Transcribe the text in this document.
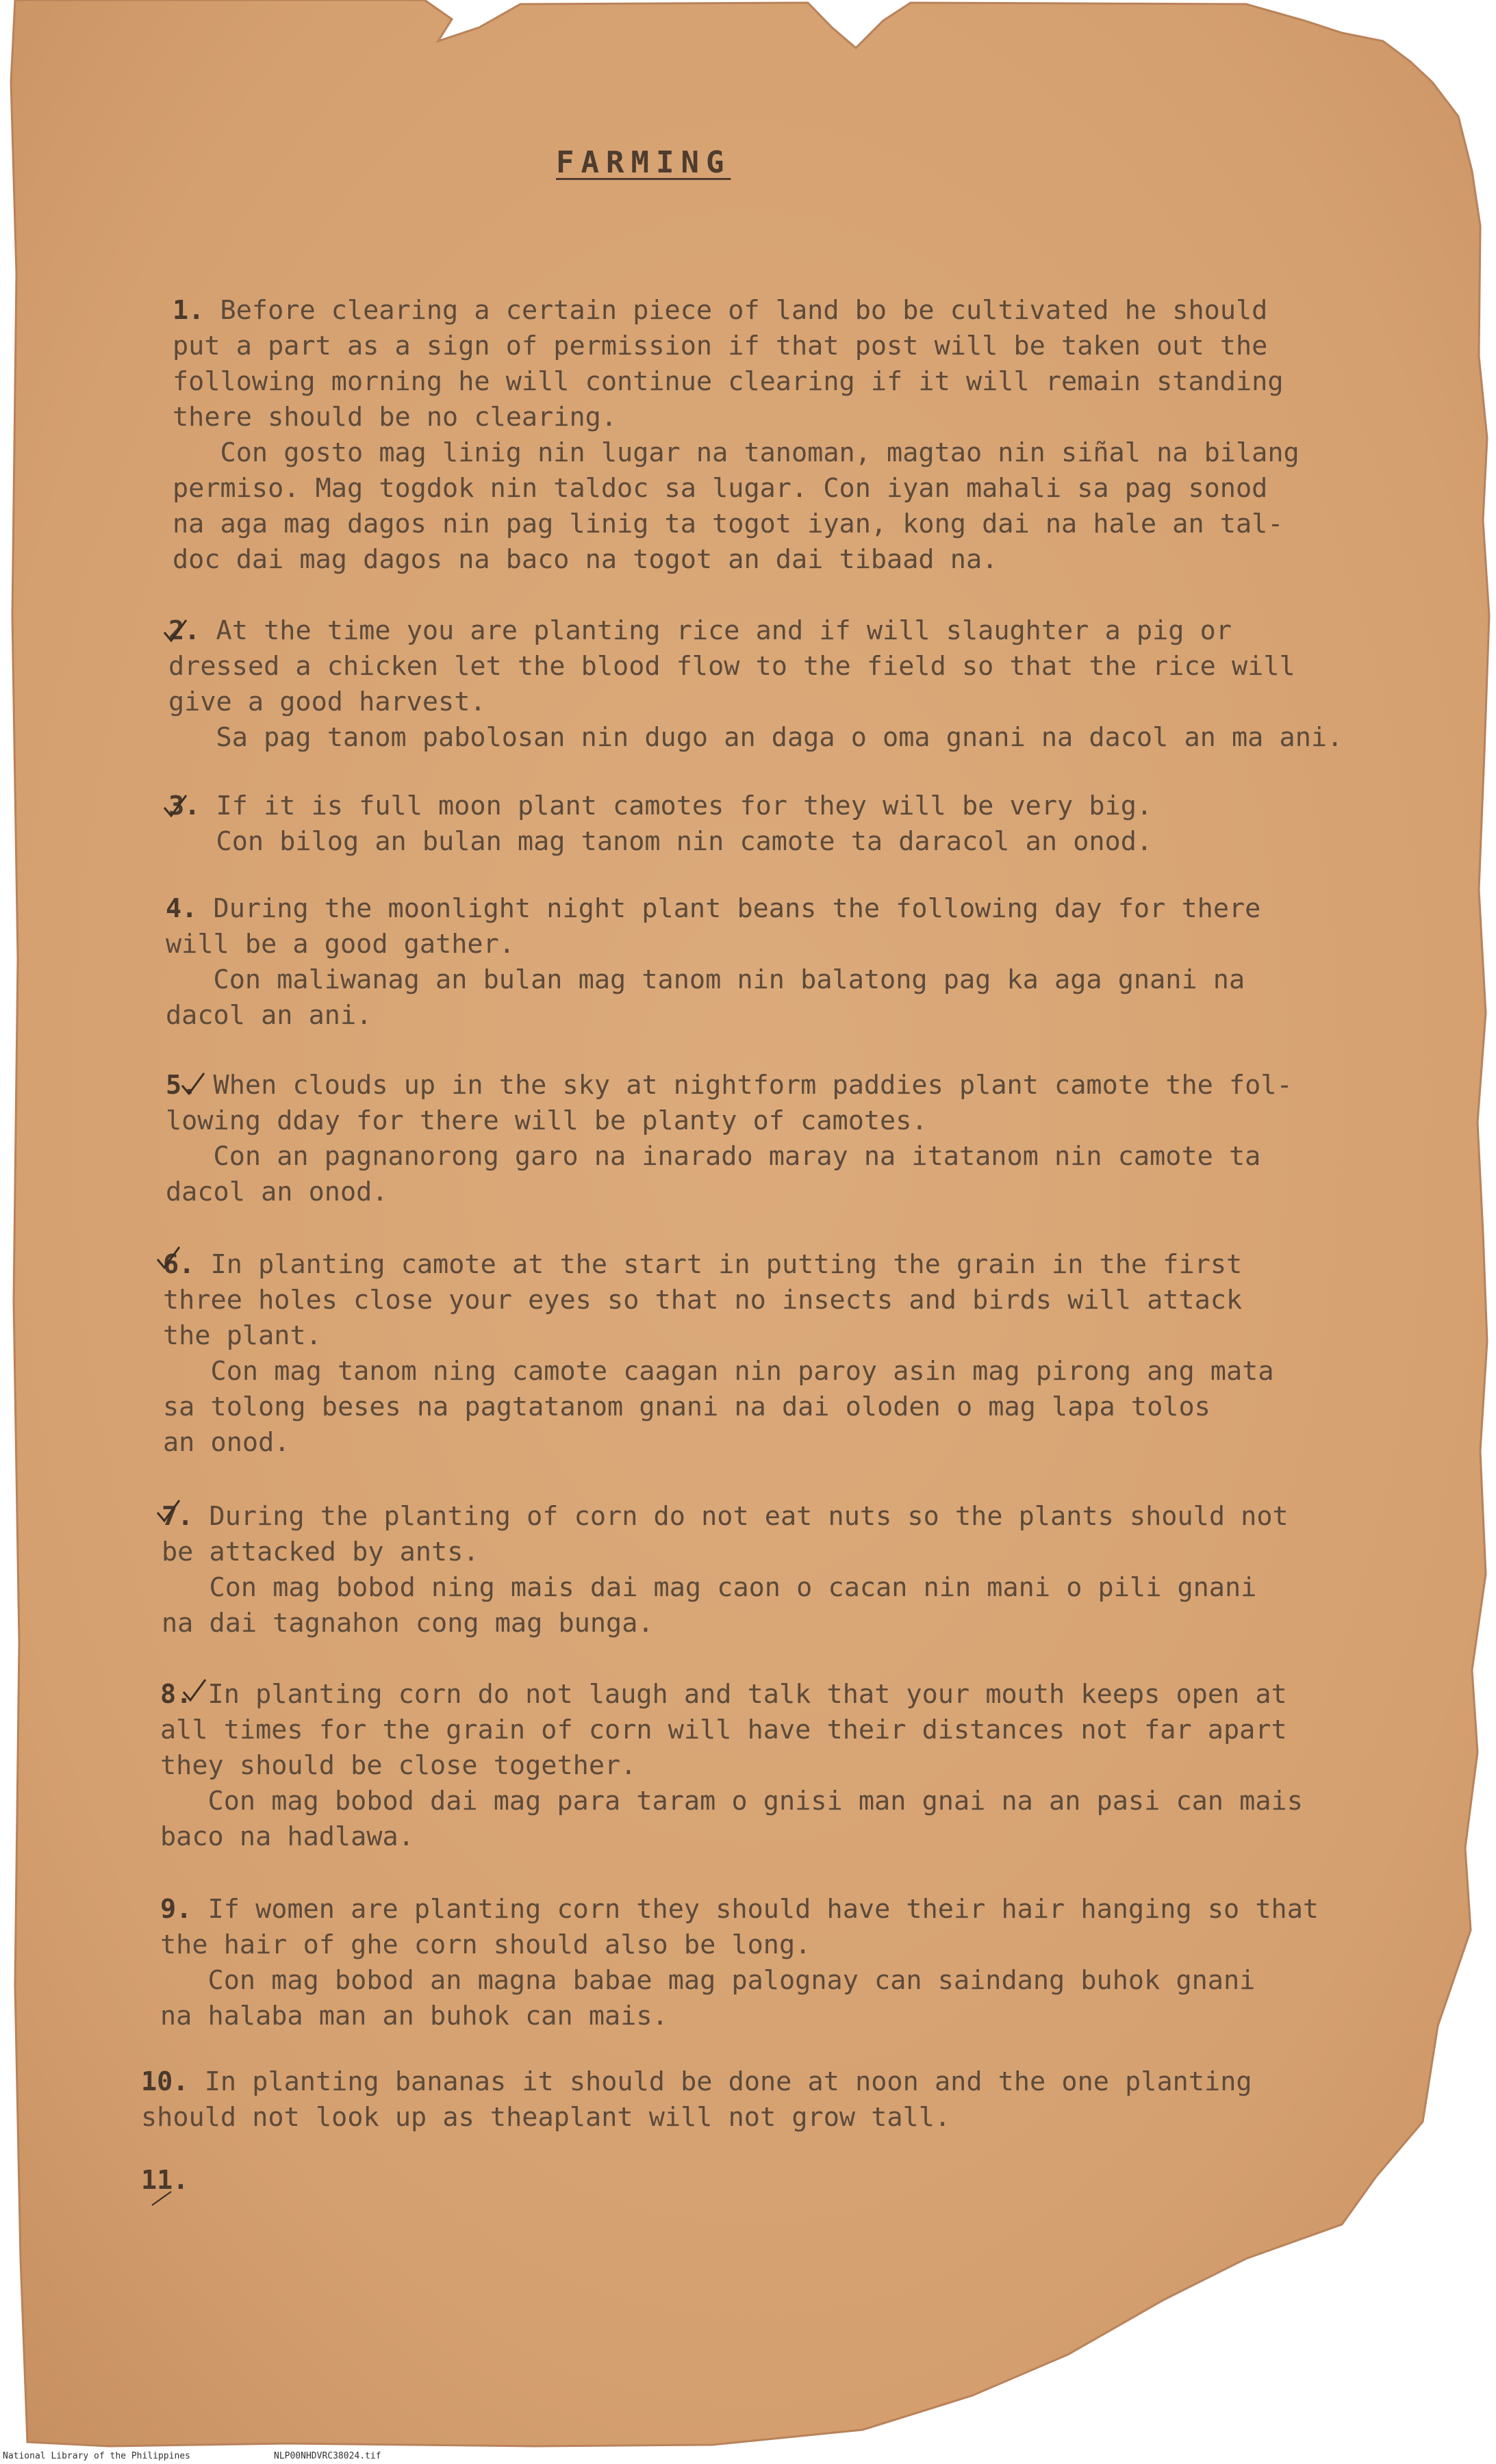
FARMING
1. Before clearing a certain piece of land bo be cultivated he should
put a part as a sign of permission if that post will be taken out the
following morning he will continue clearing if it will remain standing
there should be no clearing.
Con gosto mag linig nin lugar na tanoman, magtao nin siñal na bilang
permiso. Mag togdok nin taldoc sa lugar. Con iyan mahali sa pag sonod
na aga mag dagos nin pag linig ta togot iyan, kong dai na hale an tal-
doc dai mag dagos na baco na togot an dai tibaad na.
2. At the time you are planting rice and if will slaughter a pig or
dressed a chicken let the blood flow to the field so that the rice will
give a good harvest.
Sa pag tanom pabolosan nin dugo an daga o oma gnani na dacol an ma ani.
3. If it is full moon plant camotes for they will be very big.
Con bilog an bulan mag tanom nin camote ta daracol an onod.
4. During the moonlight night plant beans the following day for there
will be a good gather.
Con maliwanag an bulan mag tanom nin balatong pag ka aga gnani na
dacol an ani.
5. When clouds up in the sky at nightform paddies plant camote the fol-
lowing dday for there will be planty of camotes.
Con an pagnanorong garo na inarado maray na itatanom nin camote ta
dacol an onod.
6. In planting camote at the start in putting the grain in the first
three holes close your eyes so that no insects and birds will attack
the plant.
Con mag tanom ning camote caagan nin paroy asin mag pirong ang mata
sa tolong beses na pagtatanom gnani na dai oloden o mag lapa tolos
an onod.
7. During the planting of corn do not eat nuts so the plants should not
be attacked by ants.
Con mag bobod ning mais dai mag caon o cacan nin mani o pili gnani
na dai tagnahon cong mag bunga.
8. In planting corn do not laugh and talk that your mouth keeps open at
all times for the grain of corn will have their distances not far apart
they should be close together.
Con mag bobod dai mag para taram o gnisi man gnai na an pasi can mais
baco na hadlawa.
9. If women are planting corn they should have their hair hanging so that
the hair of ghe corn should also be long.
Con mag bobod an magna babae mag palognay can saindang buhok gnani
na halaba man an buhok can mais.
10. In planting bananas it should be done at noon and the one planting
should not look up as theaplant will not grow tall.
11.
National Library of the Philippines	NLP00NHDVRC38024.tif
